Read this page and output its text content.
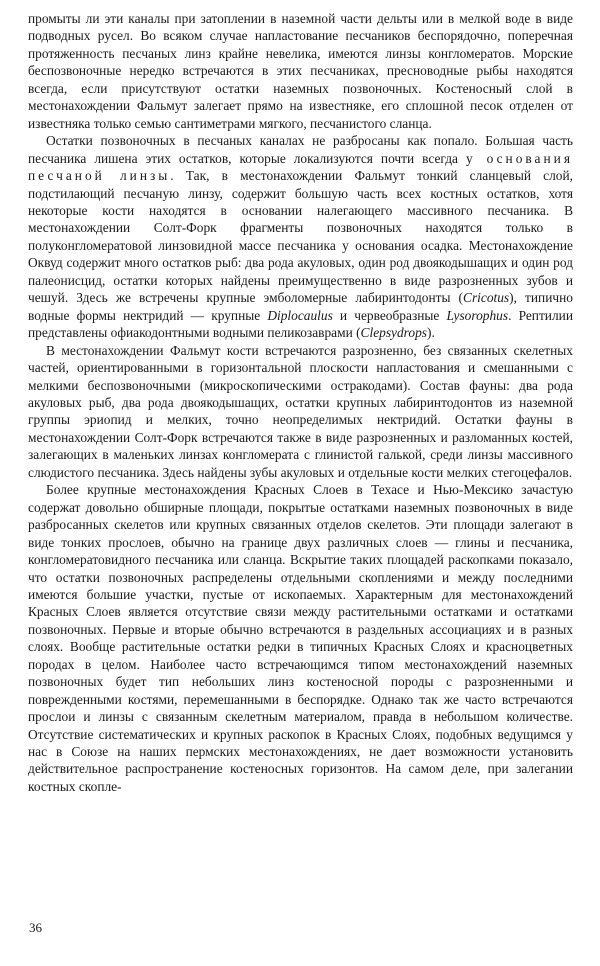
промыты ли эти каналы при затоплении в наземной части дельты или в мелкой воде в виде подводных русел. Во всяком случае напластование песчаников беспорядочно, поперечная протяженность песчаных линз крайне невелика, имеются линзы конгломератов. Морские беспозвоночные нередко встречаются в этих песчаниках, пресноводные рыбы находятся всегда, если присутствуют остатки наземных позвоночных. Костеносный слой в местонахождении Фальмут залегает прямо на известняке, его сплошной песок отделен от известняка только семью сантиметрами мягкого, песчанистого сланца.

Остатки позвоночных в песчаных каналах не разбросаны как попало. Большая часть песчаника лишена этих остатков, которые локализуются почти всегда у основания песчаной линзы. Так, в местонахождении Фальмут тонкий сланцевый слой, подстилающий песчаную линзу, содержит большую часть всех костных остатков, хотя некоторые кости находятся в основании налегающего массивного песчаника. В местонахождении Солт-Форк фрагменты позвоночных находятся только в полуконгломератовой линзовидной массе песчаника у основания осадка. Местонахождение Оквуд содержит много остатков рыб: два рода акуловых, один род двоякодышащих и один род палеонисцид, остатки которых найдены преимущественно в виде разрозненных зубов и чешуй. Здесь же встречены крупные эмболомерные лабиринтодонты (Cricotus), типично водные формы нектридий — крупные Diplocaulus и червеобразные Lysorophus. Рептилии представлены офиакодонтными водными пеликозаврами (Clepsydrops).

В местонахождении Фальмут кости встречаются разрозненно, без связанных скелетных частей, ориентированными в горизонтальной плоскости напластования и смешанными с мелкими беспозвоночными (микроскопическими остракодами). Состав фауны: два рода акуловых рыб, два рода двоякодышащих, остатки крупных лабиринтодонтов из наземной группы эриопид и мелких, точно неопределимых нектридий. Остатки фауны в местонахождении Солт-Форк встречаются также в виде разрозненных и разломанных костей, залегающих в маленьких линзах конгломерата с глинистой галькой, среди линзы массивного слюдистого песчаника. Здесь найдены зубы акуловых и отдельные кости мелких стегоцефалов.

Более крупные местонахождения Красных Слоев в Техасе и Нью-Мексико зачастую содержат довольно обширные площади, покрытые остатками наземных позвоночных в виде разбросанных скелетов или крупных связанных отделов скелетов. Эти площади залегают в виде тонких прослоев, обычно на границе двух различных слоев — глины и песчаника, конгломератовидного песчаника или сланца. Вскрытие таких площадей раскопками показало, что остатки позвоночных распределены отдельными скоплениями и между последними имеются большие участки, пустые от ископаемых. Характерным для местонахождений Красных Слоев является отсутствие связи между растительными остатками и остатками позвоночных. Первые и вторые обычно встречаются в раздельных ассоциациях и в разных слоях. Вообще растительные остатки редки в типичных Красных Слоях и красноцветных породах в целом. Наиболее часто встречающимся типом местонахождений наземных позвоночных будет тип небольших линз костеносной породы с разрозненными и поврежденными костями, перемешанными в беспорядке. Однако так же часто встречаются прослои и линзы с связанным скелетным материалом, правда в небольшом количестве. Отсутствие систематических и крупных раскопок в Красных Слоях, подобных ведущимся у нас в Союзе на наших пермских местонахождениях, не дает возможности установить действительное распространение костеносных горизонтов. На самом деле, при залегании костных скопле-

36
